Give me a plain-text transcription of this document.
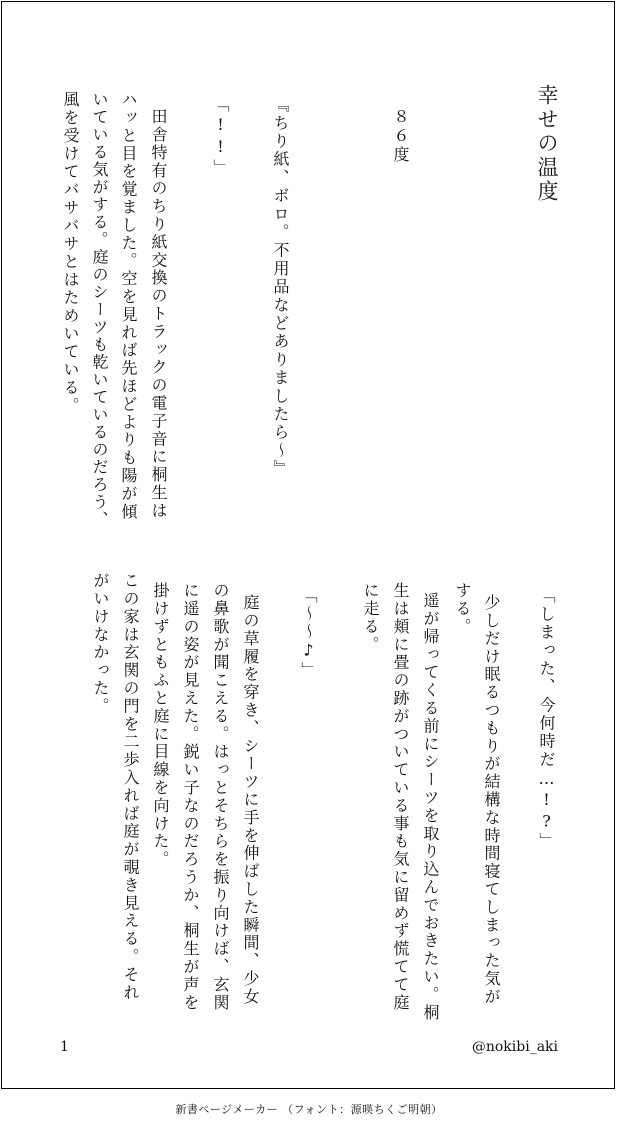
幸せの温度
８６度
『ちり紙、ボロ。不用品などありましたら～』
「!!」
田舎特有のちり紙交換のトラックの電子音に桐生は
ハッと目を覚ました。空を見れば先ほどよりも陽が傾
いている気がする。庭のシーツも乾いているのだろう、
風を受けてバサバサとはためいている。
「しまった、今何時だ…!?」
少しだけ眠るつもりが結構な時間寝てしまった気が
する。
遥が帰ってくる前にシーツを取り込んでおきたい。桐
生は頬に畳の跡がついている事も気に留めず慌てて庭
に走る。
「～～♪」
庭の草履を穿き、シーツに手を伸ばした瞬間、少女
の鼻歌が聞こえる。はっとそちらを振り向けば、玄関
に遥の姿が見えた。鋭い子なのだろうか、桐生が声を
掛けずともふと庭に目線を向けた。
この家は玄関の門を二歩入れば庭が覗き見える。それ
がいけなかった。
1	@nokibi_aki
新書ページメーカー （フォント：源暎ちくご明朝）
